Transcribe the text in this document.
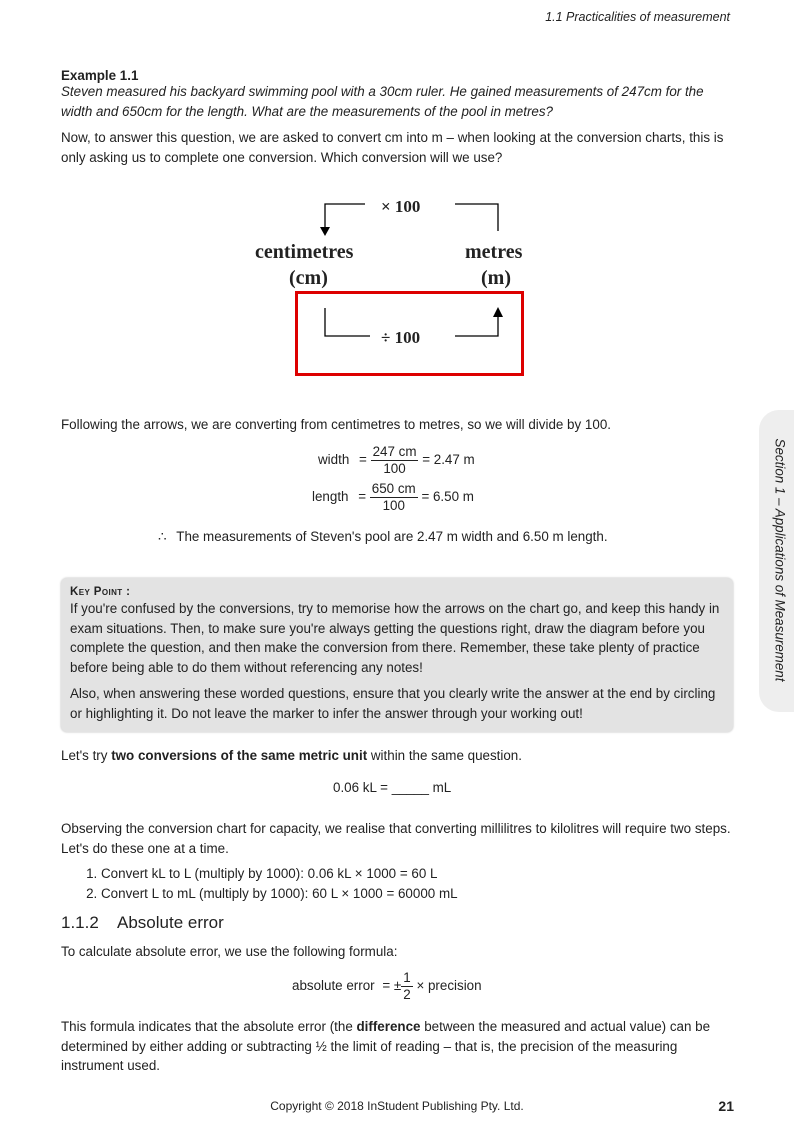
Section 1 – Applications of Measurement
1.1 Practicalities of measurement
Example 1.1
Steven measured his backyard swimming pool with a 30cm ruler. He gained measurements of 247cm for the width and 650cm for the length. What are the measurements of the pool in metres?
Now, to answer this question, we are asked to convert cm into m – when looking at the conversion charts, this is only asking us to complete one conversion. Which conversion will we use?
× 100
centimetres
(cm)
metres
(m)
÷ 100
Following the arrows, we are converting from centimetres to metres, so we will divide by 100.
width = $\frac{247 cm}{100} = 2.47$ m
length = $\frac{650 cm}{100} = 6.50$ m
∴ The measurements of Steven's pool are 2.47 m width and 6.50 m length.
Key Point :
If you're confused by the conversions, try to memorise how the arrows on the chart go, and keep this handy in exam situations. Then, to make sure you're always getting the questions right, draw the diagram before you complete the question, and then make the conversion from there. Remember, these take plenty of practice before being able to do them without referencing any notes!
Also, when answering these worded questions, ensure that you clearly write the answer at the end by circling or highlighting it. Do not leave the marker to infer the answer through your working out!
Let's try two conversions of the same metric unit within the same question.
0.06 kL = _____ mL
Observing the conversion chart for capacity, we realise that converting millilitres to kilolitres will require two steps. Let's do these one at a time.
1. Convert kL to L (multiply by 1000): 0.06 kL × 1000 = 60 L
2. Convert L to mL (multiply by 1000): 60 L × 1000 = 60000 mL
1.1.2 Absolute error
To calculate absolute error, we use the following formula:
absolute error = ± $\frac{1}{2}$ × precision
This formula indicates that the absolute error (the difference between the measured and actual value) can be determined by either adding or subtracting ½ the limit of reading – that is, the precision of the measuring instrument used.
Copyright © 2018 InStudent Publishing Pty. Ltd.	21
